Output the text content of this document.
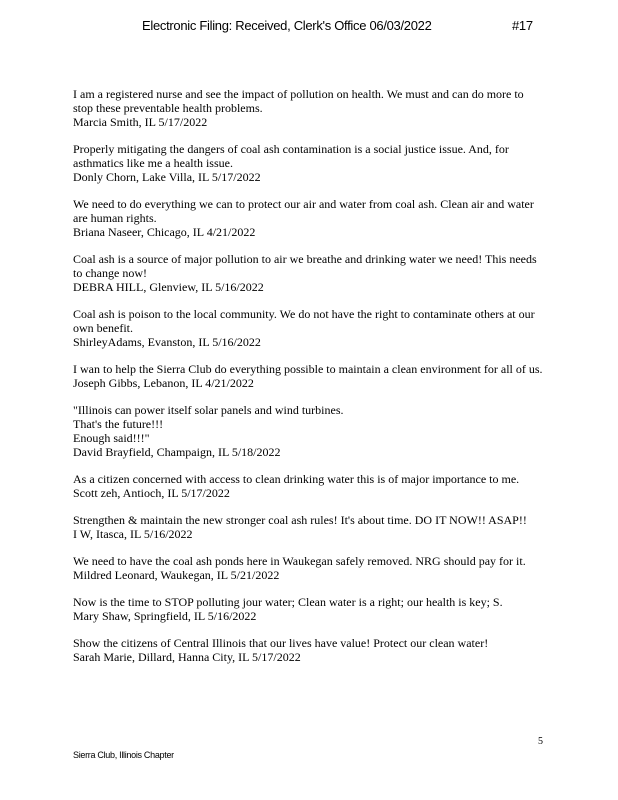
Electronic Filing: Received, Clerk's Office 06/03/2022	#17

I am a registered nurse and see the impact of pollution on health. We must and can do more to stop these preventable health problems.

Marcia Smith, IL 5/17/2022

Properly mitigating the dangers of coal ash contamination is a social justice issue. And, for asthmatics like me a health issue.

Donly Chorn, Lake Villa, IL 5/17/2022

We need to do everything we can to protect our air and water from coal ash. Clean air and water are human rights.

Briana Naseer, Chicago, IL 4/21/2022

Coal ash is a source of major pollution to air we breathe and drinking water we need! This needs to change now!

DEBRA HILL, Glenview, IL 5/16/2022

Coal ash is poison to the local community. We do not have the right to contaminate others at our own benefit.

ShirleyAdams, Evanston, IL 5/16/2022

I wan to help the Sierra Club do everything possible to maintain a clean environment for all of us.

Joseph Gibbs, Lebanon, IL 4/21/2022

"Illinois can power itself solar panels and wind turbines.
That's the future!!!
Enough said!!!"

David Brayfield, Champaign, IL 5/18/2022

As a citizen concerned with access to clean drinking water this is of major importance to me.

Scott zeh, Antioch, IL 5/17/2022

Strengthen & maintain the new stronger coal ash rules! It's about time. DO IT NOW!! ASAP!!

I W, Itasca, IL 5/16/2022

We need to have the coal ash ponds here in Waukegan safely removed. NRG should pay for it.

Mildred Leonard, Waukegan, IL 5/21/2022

Now is the time to STOP polluting jour water; Clean water is a right; our health is key; S.

Mary Shaw, Springfield, IL 5/16/2022

Show the citizens of Central Illinois that our lives have value! Protect our clean water!

Sarah Marie, Dillard, Hanna City, IL 5/17/2022
5
Sierra Club, Illinois Chapter
